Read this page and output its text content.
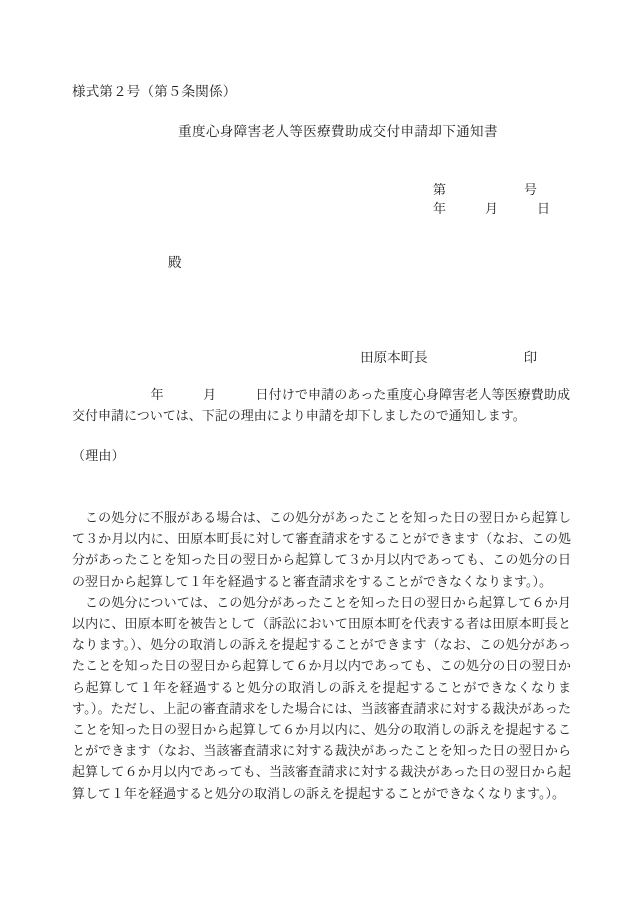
様式第２号（第５条関係）
重度心身障害老人等医療費助成交付申請却下通知書
第　　　　　　号
年　　　月　　　日
殿

田原本町長	印

　　　　　　年　　　月　　　日付けで申請のあった重度心身障害老人等医療費助成交付申請については、下記の理由により申請を却下しましたので通知します。
（理由）

この処分に不服がある場合は、この処分があったことを知った日の翌日から起算して３か月以内に、田原本町長に対して審査請求をすることができます（なお、この処分があったことを知った日の翌日から起算して３か月以内であっても、この処分の日の翌日から起算して１年を経過すると審査請求をすることができなくなります。）。

この処分については、この処分があったことを知った日の翌日から起算して６か月以内に、田原本町を被告として（訴訟において田原本町を代表する者は田原本町長となります。）、処分の取消しの訴えを提起することができます（なお、この処分があったことを知った日の翌日から起算して６か月以内であっても、この処分の日の翌日から起算して１年を経過すると処分の取消しの訴えを提起することができなくなります。）。ただし、上記の審査請求をした場合には、当該審査請求に対する裁決があったことを知った日の翌日から起算して６か月以内に、処分の取消しの訴えを提起することができます（なお、当該審査請求に対する裁決があったことを知った日の翌日から起算して６か月以内であっても、当該審査請求に対する裁決があった日の翌日から起算して１年を経過すると処分の取消しの訴えを提起することができなくなります。）。
